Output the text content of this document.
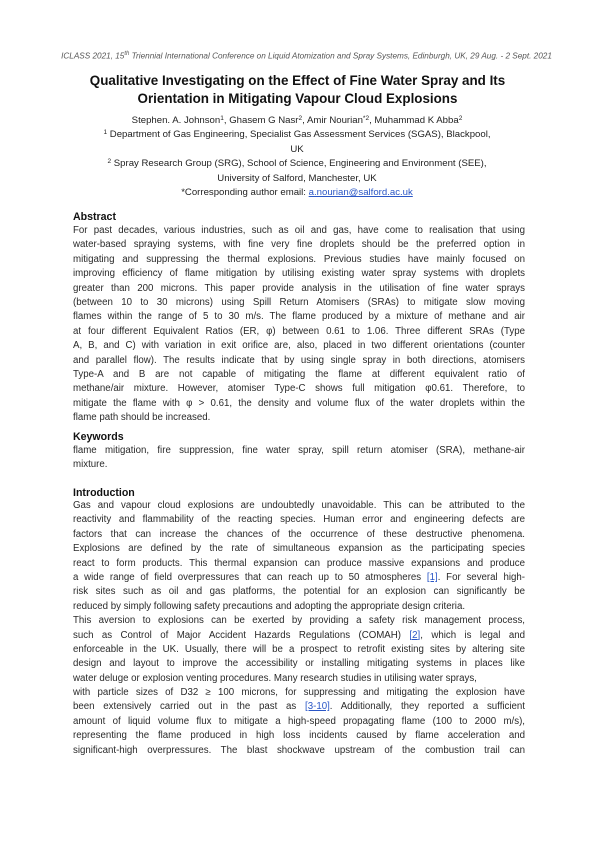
ICLASS 2021, 15th Triennial International Conference on Liquid Atomization and Spray Systems, Edinburgh, UK, 29 Aug. - 2 Sept. 2021
Qualitative Investigating on the Effect of Fine Water Spray and Its
Orientation in Mitigating Vapour Cloud Explosions
Stephen. A. Johnson$^1$, Ghasem G Nasr$^2$, Amir Nourian$^{*2}$, Muhammad K Abba$^2$
$^1$ Department of Gas Engineering, Specialist Gas Assessment Services (SGAS), Blackpool,
UK
$^2$ Spray Research Group (SRG), School of Science, Engineering and Environment (SEE),
University of Salford, Manchester, UK
*Corresponding author email: a.nourian@salford.ac.uk
Abstract
For past decades, various industries, such as oil and gas, have come to realisation that using
water-based spraying systems, with fine very fine droplets should be the preferred option in
mitigating and suppressing the thermal explosions. Previous studies have mainly focused on
improving efficiency of flame mitigation by utilising existing water spray systems with droplets
greater than 200 microns. This paper provide analysis in the utilisation of fine water sprays
(between 10 to 30 microns) using Spill Return Atomisers (SRAs) to mitigate slow moving
flames within the range of 5 to 30 m/s. The flame produced by a mixture of methane and air
at four different Equivalent Ratios (ER, φ) between 0.61 to 1.06. Three different SRAs (Type
A, B, and C) with variation in exit orifice are, also, placed in two different orientations (counter
and parallel flow). The results indicate that by using single spray in both directions, atomisers
Type-A and B are not capable of mitigating the flame at different equivalent ratio of
methane/air mixture. However, atomiser Type-C shows full mitigation φ0.61. Therefore, to
mitigate the flame with φ > 0.61, the density and volume flux of the water droplets within the
flame path should be increased.
Keywords
flame mitigation, fire suppression, fine water spray, spill return atomiser (SRA), methane-air
mixture.
Introduction
Gas and vapour cloud explosions are undoubtedly unavoidable. This can be attributed to the
reactivity and flammability of the reacting species. Human error and engineering defects are
factors that can increase the chances of the occurrence of these destructive phenomena.
Explosions are defined by the rate of simultaneous expansion as the participating species
react to form products. This thermal expansion can produce massive expansions and produce
a wide range of field overpressures that can reach up to 50 atmospheres [1]. For several high-
risk sites such as oil and gas platforms, the potential for an explosion can significantly be
reduced by simply following safety precautions and adopting the appropriate design criteria.
This aversion to explosions can be exerted by providing a safety risk management process,
such as Control of Major Accident Hazards Regulations (COMAH) [2], which is legal and
enforceable in the UK. Usually, there will be a prospect to retrofit existing sites by altering site
design and layout to improve the accessibility or installing mitigating systems in places like
water deluge or explosion venting procedures. Many research studies in utilising water sprays,
with particle sizes of D32 ≥ 100 microns, for suppressing and mitigating the explosion have
been extensively carried out in the past as [3-10]. Additionally, they reported a sufficient
amount of liquid volume flux to mitigate a high-speed propagating flame (100 to 2000 m/s),
representing the flame produced in high loss incidents caused by flame acceleration and
significant-high overpressures. The blast shockwave upstream of the combustion trail can
